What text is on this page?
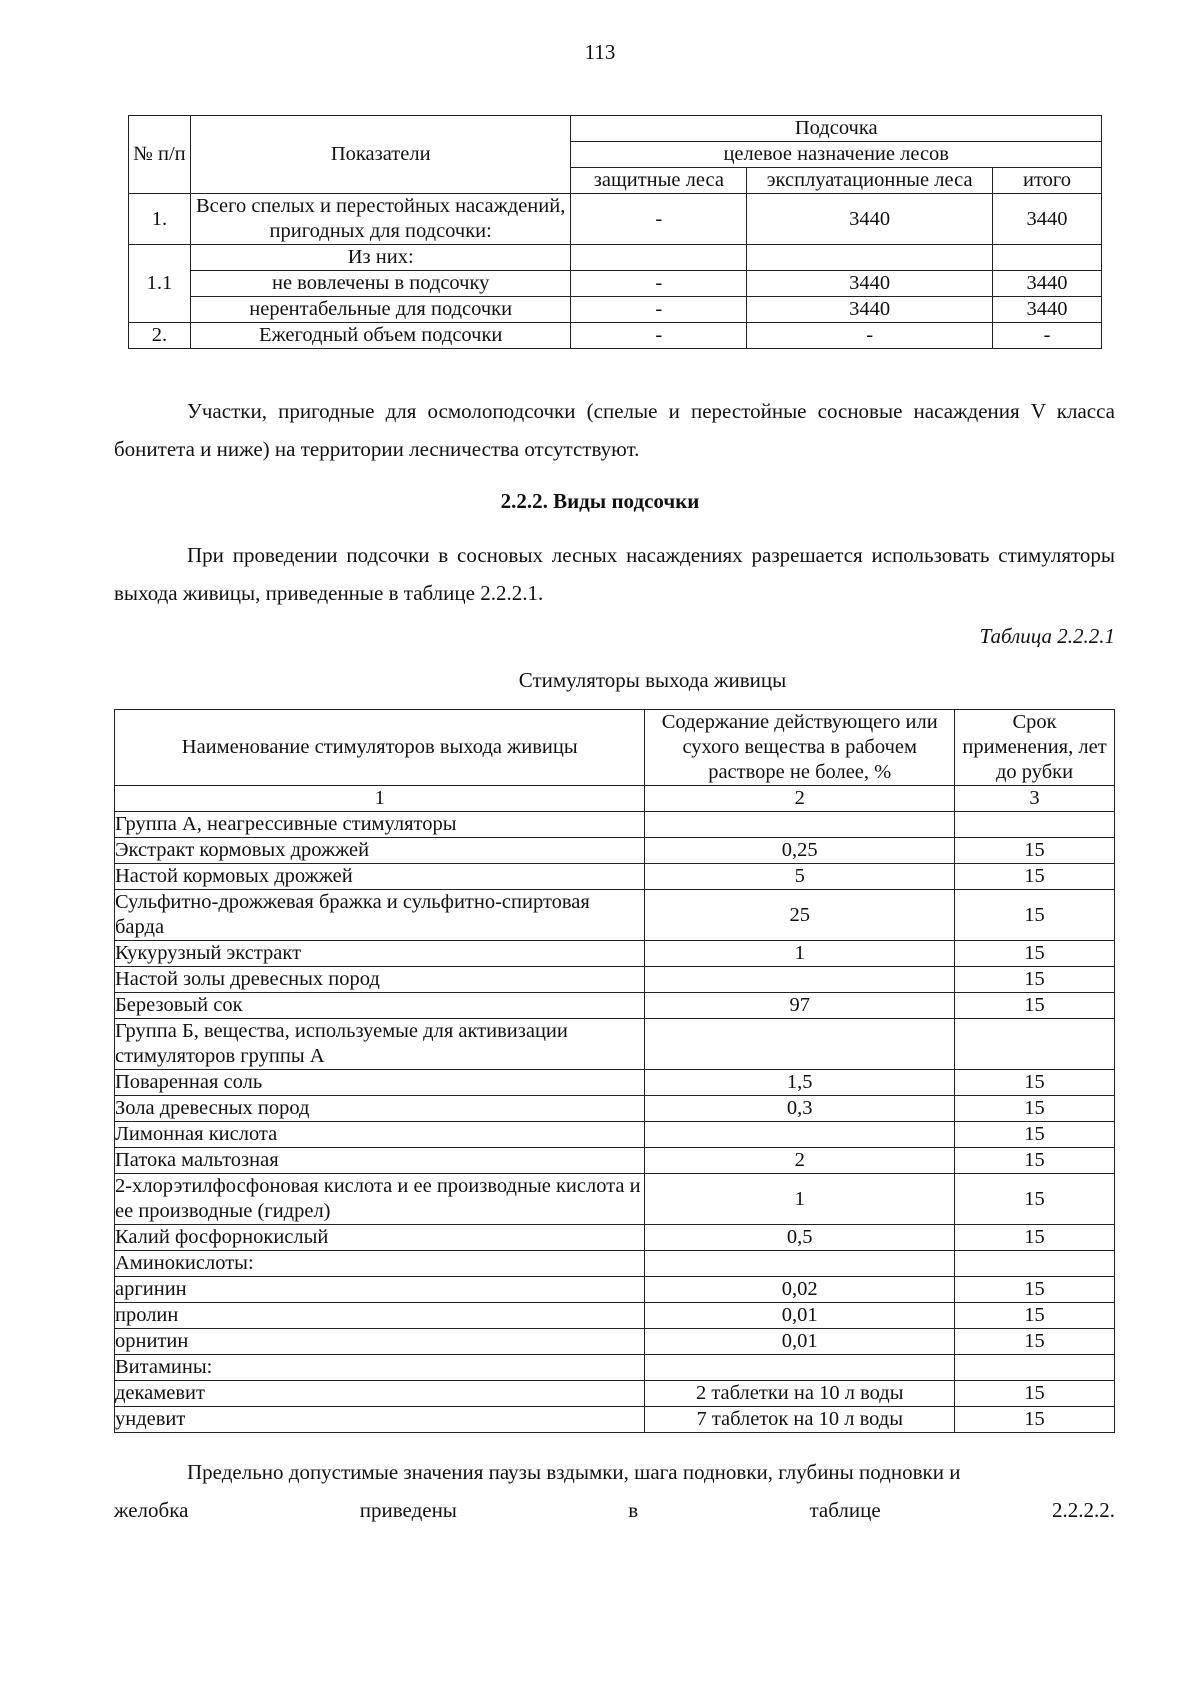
113
№ п/п	Показатели	Подсочка		
		целевое назначение лесов		
		защитные леса	эксплуатационные леса	итого
1.	Всего спелых и перестойных насаждений, пригодных для подсочки:	-	3440	3440
1.1	Из них:			
	не вовлечены в подсочку	-	3440	3440
	нерентабельные для подсочки	-	3440	3440
2.	Ежегодный объем подсочки	-	-	-

Участки, пригодные для осмолоподсочки (спелые и перестойные сосновые насаждения V класса бонитета и ниже) на территории лесничества отсутствуют.

2.2.2. Виды подсочки

При проведении подсочки в сосновых лесных насаждениях разрешается использовать стимуляторы выхода живицы, приведенные в таблице 2.2.2.1.

Таблица 2.2.2.1
Стимуляторы выхода живицы
Наименование стимуляторов выхода живицы	Содержание действующего или сухого вещества в рабочем растворе не более, %	Срок применения, лет до рубки
1	2	3
Группа А, неагрессивные стимуляторы		
Экстракт кормовых дрожжей	0,25	15
Настой кормовых дрожжей	5	15
Сульфитно-дрожжевая бражка и сульфитно-спиртовая барда	25	15
Кукурузный экстракт	1	15
Настой золы древесных пород		15
Березовый сок	97	15
Группа Б, вещества, используемые для активизации стимуляторов группы А		
Поваренная соль	1,5	15
Зола древесных пород	0,3	15
Лимонная кислота		15
Патока мальтозная	2	15
2-хлорэтилфосфоновая кислота и ее производные кислота и ее производные (гидрел)	1	15
Калий фосфорнокислый	0,5	15
Аминокислоты:		
аргинин	0,02	15
пролин	0,01	15
орнитин	0,01	15
Витамины:		
декамевит	2 таблетки на 10 л воды	15
ундевит	7 таблеток на 10 л воды	15

Предельно допустимые значения паузы вздымки, шага подновки, глубины подновки и

желобка	приведены	в	таблице	2.2.2.2.
